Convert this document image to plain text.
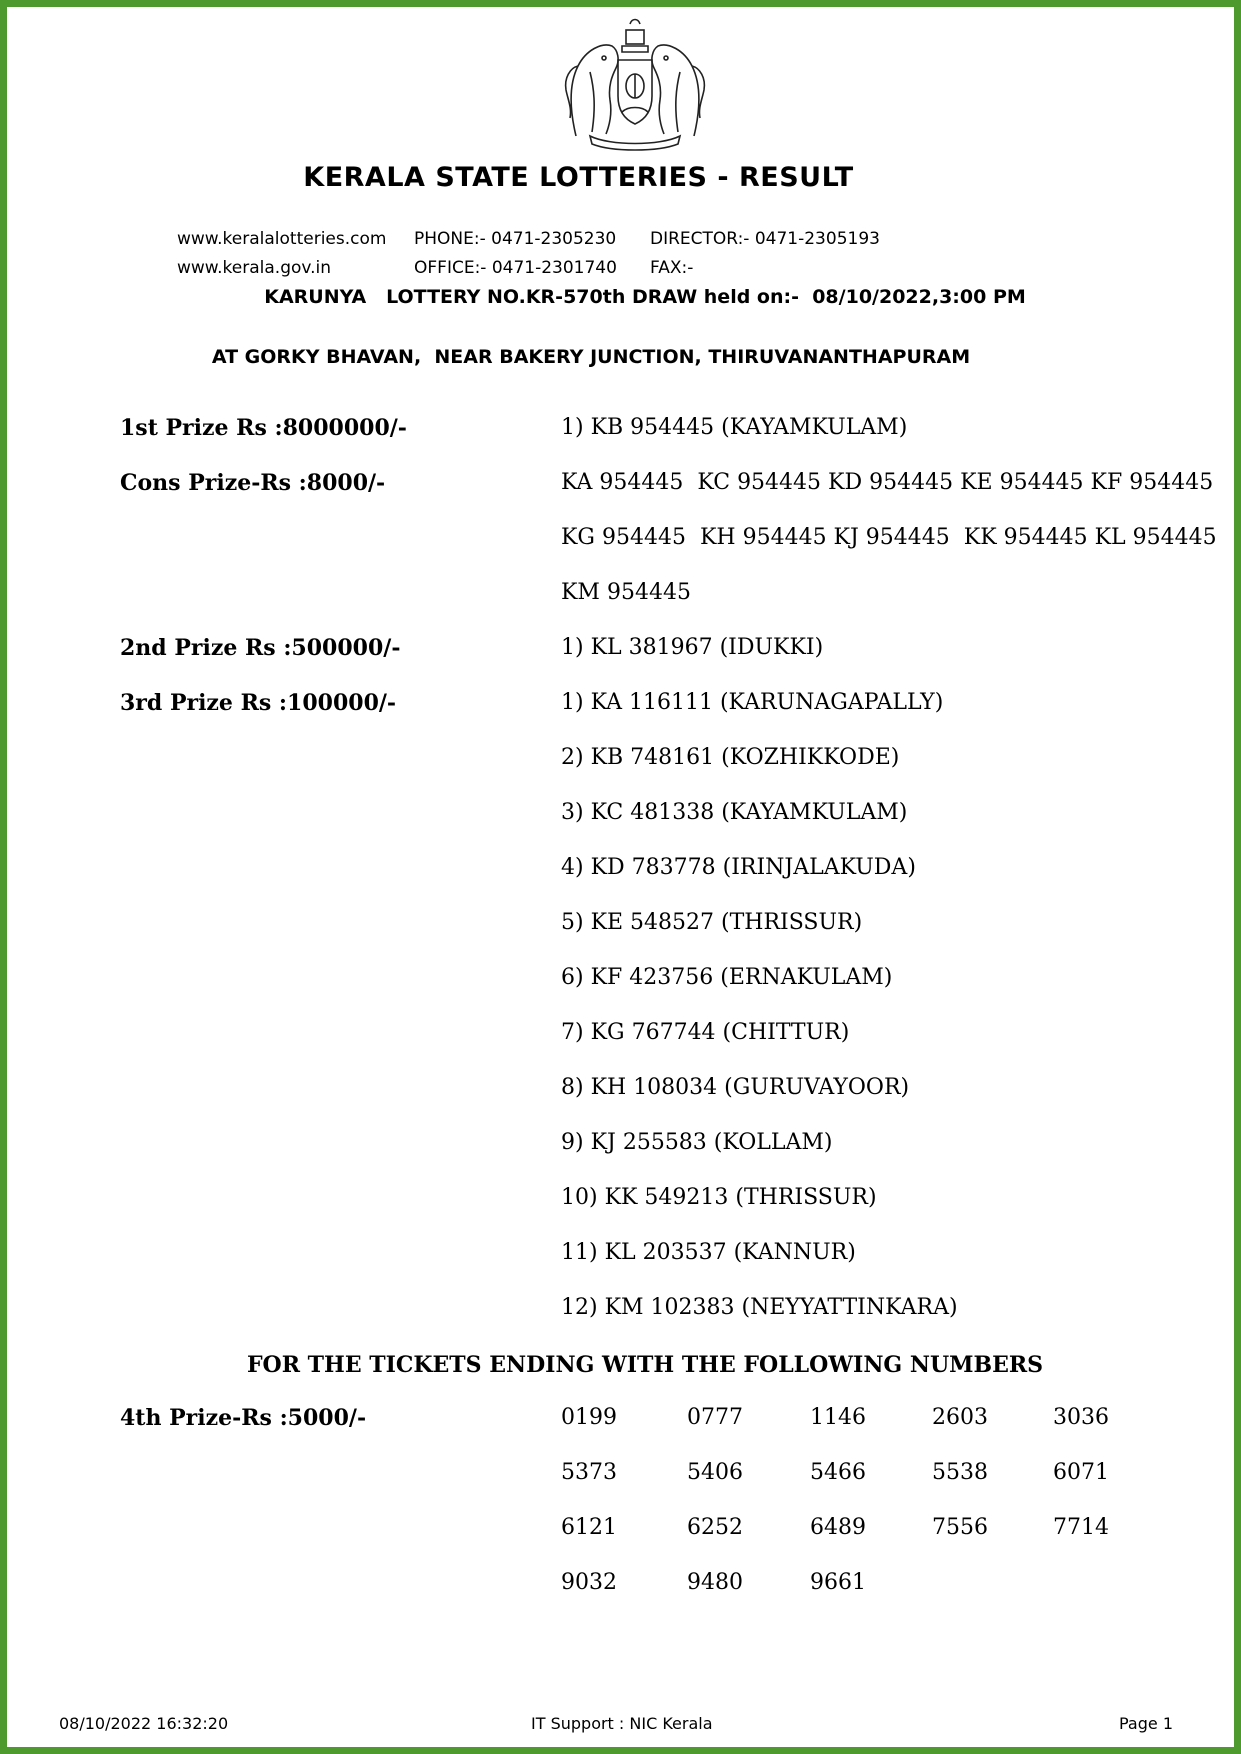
KERALA STATE LOTTERIES - RESULT
www.keralalotteries.com PHONE:- 0471-2305230 DIRECTOR:- 0471-2305193
www.kerala.gov.in	OFFICE:- 0471-2301740 FAX:-
KARUNYA   LOTTERY NO.KR-570th DRAW held on:-  08/10/2022,3:00 PM
AT GORKY BHAVAN,  NEAR BAKERY JUNCTION, THIRUVANANTHAPURAM
1st Prize Rs :8000000/-	1) KB 954445 (KAYAMKULAM)
Cons Prize-Rs :8000/-	KA 954445  KC 954445 KD 954445 KE 954445 KF 954445
KG 954445  KH 954445 KJ 954445  KK 954445 KL 954445
KM 954445
2nd Prize Rs :500000/-	1) KL 381967 (IDUKKI)
3rd Prize Rs :100000/-	1) KA 116111 (KARUNAGAPALLY)
2) KB 748161 (KOZHIKKODE)
3) KC 481338 (KAYAMKULAM)
4) KD 783778 (IRINJALAKUDA)
5) KE 548527 (THRISSUR)
6) KF 423756 (ERNAKULAM)
7) KG 767744 (CHITTUR)
8) KH 108034 (GURUVAYOOR)
9) KJ 255583 (KOLLAM)
10) KK 549213 (THRISSUR)
11) KL 203537 (KANNUR)
12) KM 102383 (NEYYATTINKARA)
FOR THE TICKETS ENDING WITH THE FOLLOWING NUMBERS
4th Prize-Rs :5000/-	0199	0777	1146	2603	3036
5373	5406	5466	5538	6071
6121	6252	6489	7556	7714
9032	9480	9661
08/10/2022 16:32:20	IT Support : NIC Kerala	Page 1
